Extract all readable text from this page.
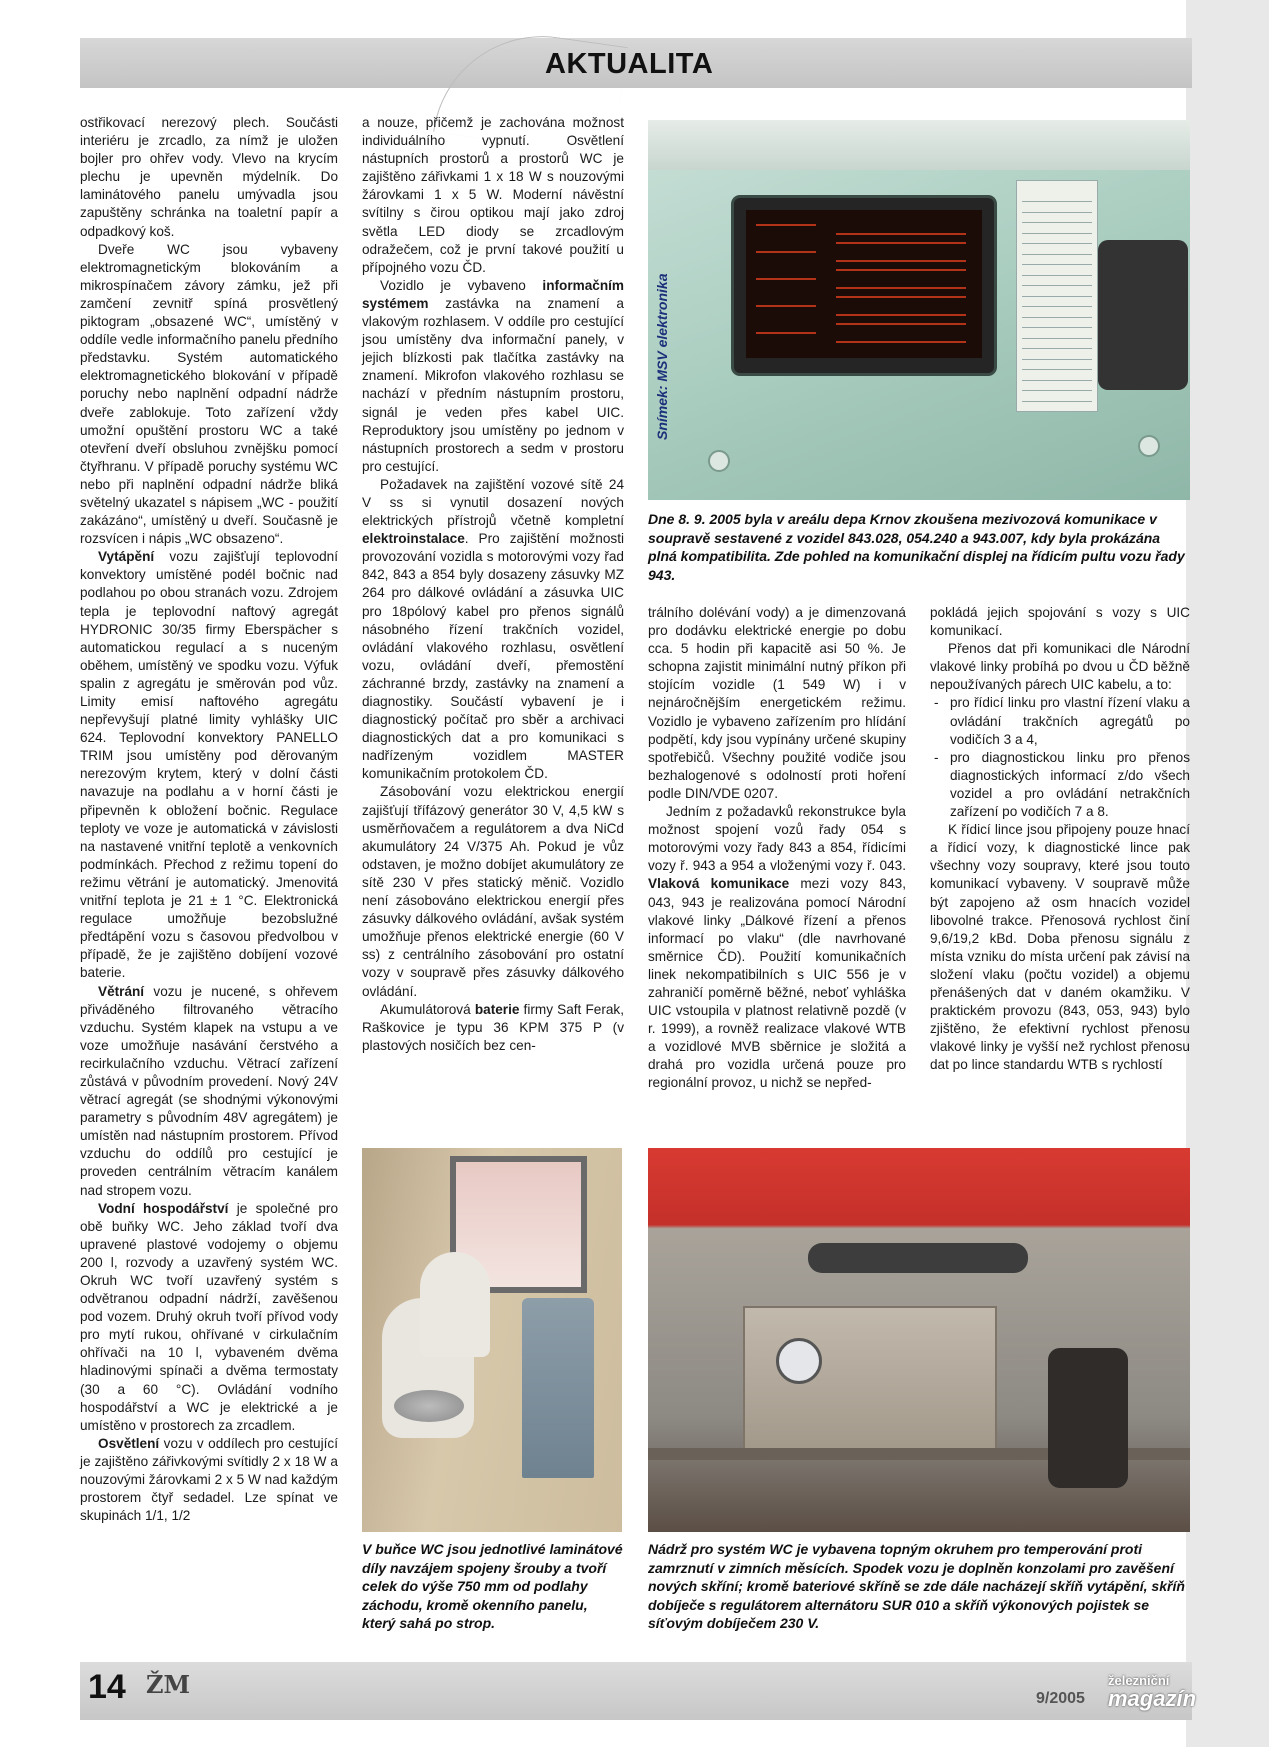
AKTUALITA

ostřikovací nerezový plech. Součásti interiéru je zrcadlo, za nímž je uložen bojler pro ohřev vody. Vlevo na krycím plechu je upevněn mýdelník. Do laminátového panelu umývadla jsou zapuštěny schránka na toaletní papír a odpadkový koš.

Dveře WC jsou vybaveny elektromagnetickým blokováním a mikrospínačem závory zámku, jež při zamčení zevnitř spíná prosvětlený piktogram „obsazené WC“, umístěný v oddíle vedle informačního panelu předního představku. Systém automatického elektromagnetického blokování v případě poruchy nebo naplnění odpadní nádrže dveře zablokuje. Toto zařízení vždy umožní opuštění prostoru WC a také otevření dveří obsluhou zvnějšku pomocí čtyřhranu. V případě poruchy systému WC nebo při naplnění odpadní nádrže bliká světelný ukazatel s nápisem „WC - použití zakázáno“, umístěný u dveří. Současně je rozsvícen i nápis „WC obsazeno“.

Vytápění vozu zajišťují teplovodní konvektory umístěné podél bočnic nad podlahou po obou stranách vozu. Zdrojem tepla je teplovodní naftový agregát HYDRONIC 30/35 firmy Eberspächer s automatickou regulací a s nuceným oběhem, umístěný ve spodku vozu. Výfuk spalin z agregátu je směrován pod vůz. Limity emisí naftového agregátu nepřevyšují platné limity vyhlášky UIC 624. Teplovodní konvektory PANELLO TRIM jsou umístěny pod děrovaným nerezovým krytem, který v dolní části navazuje na podlahu a v horní části je připevněn k obložení bočnic. Regulace teploty ve voze je automatická v závislosti na nastavené vnitřní teplotě a venkovních podmínkách. Přechod z režimu topení do režimu větrání je automatický. Jmenovitá vnitřní teplota je 21 ± 1 °C. Elektronická regulace umožňuje bezobslužné předtápění vozu s časovou předvolbou v případě, že je zajištěno dobíjení vozové baterie.

Větrání vozu je nucené, s ohřevem přiváděného filtrovaného větracího vzduchu. Systém klapek na vstupu a ve voze umožňuje nasávání čerstvého a recirkulačního vzduchu. Větrací zařízení zůstává v původním provedení. Nový 24V větrací agregát (se shodnými výkonovými parametry s původním 48V agregátem) je umístěn nad nástupním prostorem. Přívod vzduchu do oddílů pro cestující je proveden centrálním větracím kanálem nad stropem vozu.

Vodní hospodářství je společné pro obě buňky WC. Jeho základ tvoří dva upravené plastové vodojemy o objemu 200 l, rozvody a uzavřený systém WC. Okruh WC tvoří uzavřený systém s odvětranou odpadní nádrží, zavěšenou pod vozem. Druhý okruh tvoří přívod vody pro mytí rukou, ohřívané v cirkulačním ohřívači na 10 l, vybaveném dvěma hladinovými spínači a dvěma termostaty (30 a 60 °C). Ovládání vodního hospodářství a WC je elektrické a je umístěno v prostorech za zrcadlem.

Osvětlení vozu v oddílech pro cestující je zajištěno zářivkovými svítidly 2 x 18 W a nouzovými žárovkami 2 x 5 W nad každým prostorem čtyř sedadel. Lze spínat ve skupinách 1/1, 1/2

a nouze, přičemž je zachována možnost individuálního vypnutí. Osvětlení nástupních prostorů a prostorů WC je zajištěno zářivkami 1 x 18 W s nouzovými žárovkami 1 x 5 W. Moderní návěstní svítilny s čirou optikou mají jako zdroj světla LED diody se zrcadlovým odražečem, což je první takové použití u přípojného vozu ČD.

Vozidlo je vybaveno informačním systémem zastávka na znamení a vlakovým rozhlasem. V oddíle pro cestující jsou umístěny dva informační panely, v jejich blízkosti pak tlačítka zastávky na znamení. Mikrofon vlakového rozhlasu se nachází v předním nástupním prostoru, signál je veden přes kabel UIC. Reproduktory jsou umístěny po jednom v nástupních prostorech a sedm v prostoru pro cestující.

Požadavek na zajištění vozové sítě 24 V ss si vynutil dosazení nových elektrických přístrojů včetně kompletní elektroinstalace. Pro zajištění možnosti provozování vozidla s motorovými vozy řad 842, 843 a 854 byly dosazeny zásuvky MZ 264 pro dálkové ovládání a zásuvka UIC pro 18pólový kabel pro přenos signálů násobného řízení trakčních vozidel, ovládání vlakového rozhlasu, osvětlení vozu, ovládání dveří, přemostění záchranné brzdy, zastávky na znamení a diagnostiky. Součástí vybavení je i diagnostický počítač pro sběr a archivaci diagnostických dat a pro komunikaci s nadřízeným vozidlem MASTER komunikačním protokolem ČD.

Zásobování vozu elektrickou energií zajišťují třífázový generátor 30 V, 4,5 kW s usměrňovačem a regulátorem a dva NiCd akumulátory 24 V/375 Ah. Pokud je vůz odstaven, je možno dobíjet akumulátory ze sítě 230 V přes statický měnič. Vozidlo není zásobováno elektrickou energií přes zásuvky dálkového ovládání, avšak systém umožňuje přenos elektrické energie (60 V ss) z centrálního zásobování pro ostatní vozy v soupravě přes zásuvky dálkového ovládání.

Akumulátorová baterie firmy Saft Ferak, Raškovice je typu 36 KPM 375 P (v plastových nosičích bez cen-

Snímek: MSV elektronika
Dne 8. 9. 2005 byla v areálu depa Krnov zkoušena mezivozová komunikace v soupravě sestavené z vozidel 843.028, 054.240 a 943.007, kdy byla prokázána plná kompatibilita. Zde pohled na komunikační displej na řídicím pultu vozu řady 943.

trálního dolévání vody) a je dimenzovaná pro dodávku elektrické energie po dobu cca. 5 hodin při kapacitě asi 50 %. Je schopna zajistit minimální nutný příkon při stojícím vozidle (1 549 W) i v nejnáročnějším energetickém režimu. Vozidlo je vybaveno zařízením pro hlídání podpětí, kdy jsou vypínány určené skupiny spotřebičů. Všechny použité vodiče jsou bezhalogenové s odolností proti hoření podle DIN/VDE 0207.

Jedním z požadavků rekonstrukce byla možnost spojení vozů řady 054 s motorovými vozy řady 843 a 854, řídicími vozy ř. 943 a 954 a vloženými vozy ř. 043. Vlaková komunikace mezi vozy 843, 043, 943 je realizována pomocí Národní vlakové linky „Dálkové řízení a přenos informací po vlaku“ (dle navrhované směrnice ČD). Použití komunikačních linek nekompatibilních s UIC 556 je v zahraničí poměrně běžné, neboť vyhláška UIC vstoupila v platnost relativně pozdě (v r. 1999), a rovněž realizace vlakové WTB a vozidlové MVB sběrnice je složitá a drahá pro vozidla určená pouze pro regionální provoz, u nichž se nepřed-

pokládá jejich spojování s vozy s UIC komunikací.

Přenos dat při komunikaci dle Národní vlakové linky probíhá po dvou u ČD běžně nepoužívaných párech UIC kabelu, a to:

- pro řídicí linku pro vlastní řízení vlaku a ovládání trakčních agregátů po vodičích 3 a 4,
- pro diagnostickou linku pro přenos diagnostických informací z/do všech vozidel a pro ovládání netrakčních zařízení po vodičích 7 a 8.

K řídicí lince jsou připojeny pouze hnací a řídicí vozy, k diagnostické lince pak všechny vozy soupravy, které jsou touto komunikací vybaveny. V soupravě může být zapojeno až osm hnacích vozidel libovolné trakce. Přenosová rychlost činí 9,6/19,2 kBd. Doba přenosu signálu z místa vzniku do místa určení pak závisí na složení vlaku (počtu vozidel) a objemu přenášených dat v daném okamžiku. V praktickém provozu (843, 053, 943) bylo zjištěno, že efektivní rychlost přenosu vlakové linky je vyšší než rychlost přenosu dat po lince standardu WTB s rychlostí

V buňce WC jsou jednotlivé laminátové díly navzájem spojeny šrouby a tvoří celek do výše 750 mm od podlahy záchodu, kromě okenního panelu, který sahá po strop.
Nádrž pro systém WC je vybavena topným okruhem pro temperování proti zamrznutí v zimních měsících. Spodek vozu je doplněn konzolami pro zavěšení nových skříní; kromě bateriové skříně se zde dále nacházejí skříň vytápění, skříň dobíječe s regulátorem alternátoru SUR 010 a skříň výkonových pojistek se síťovým dobíječem 230 V.
14 ŽM	9/2005
železniční
magazín
